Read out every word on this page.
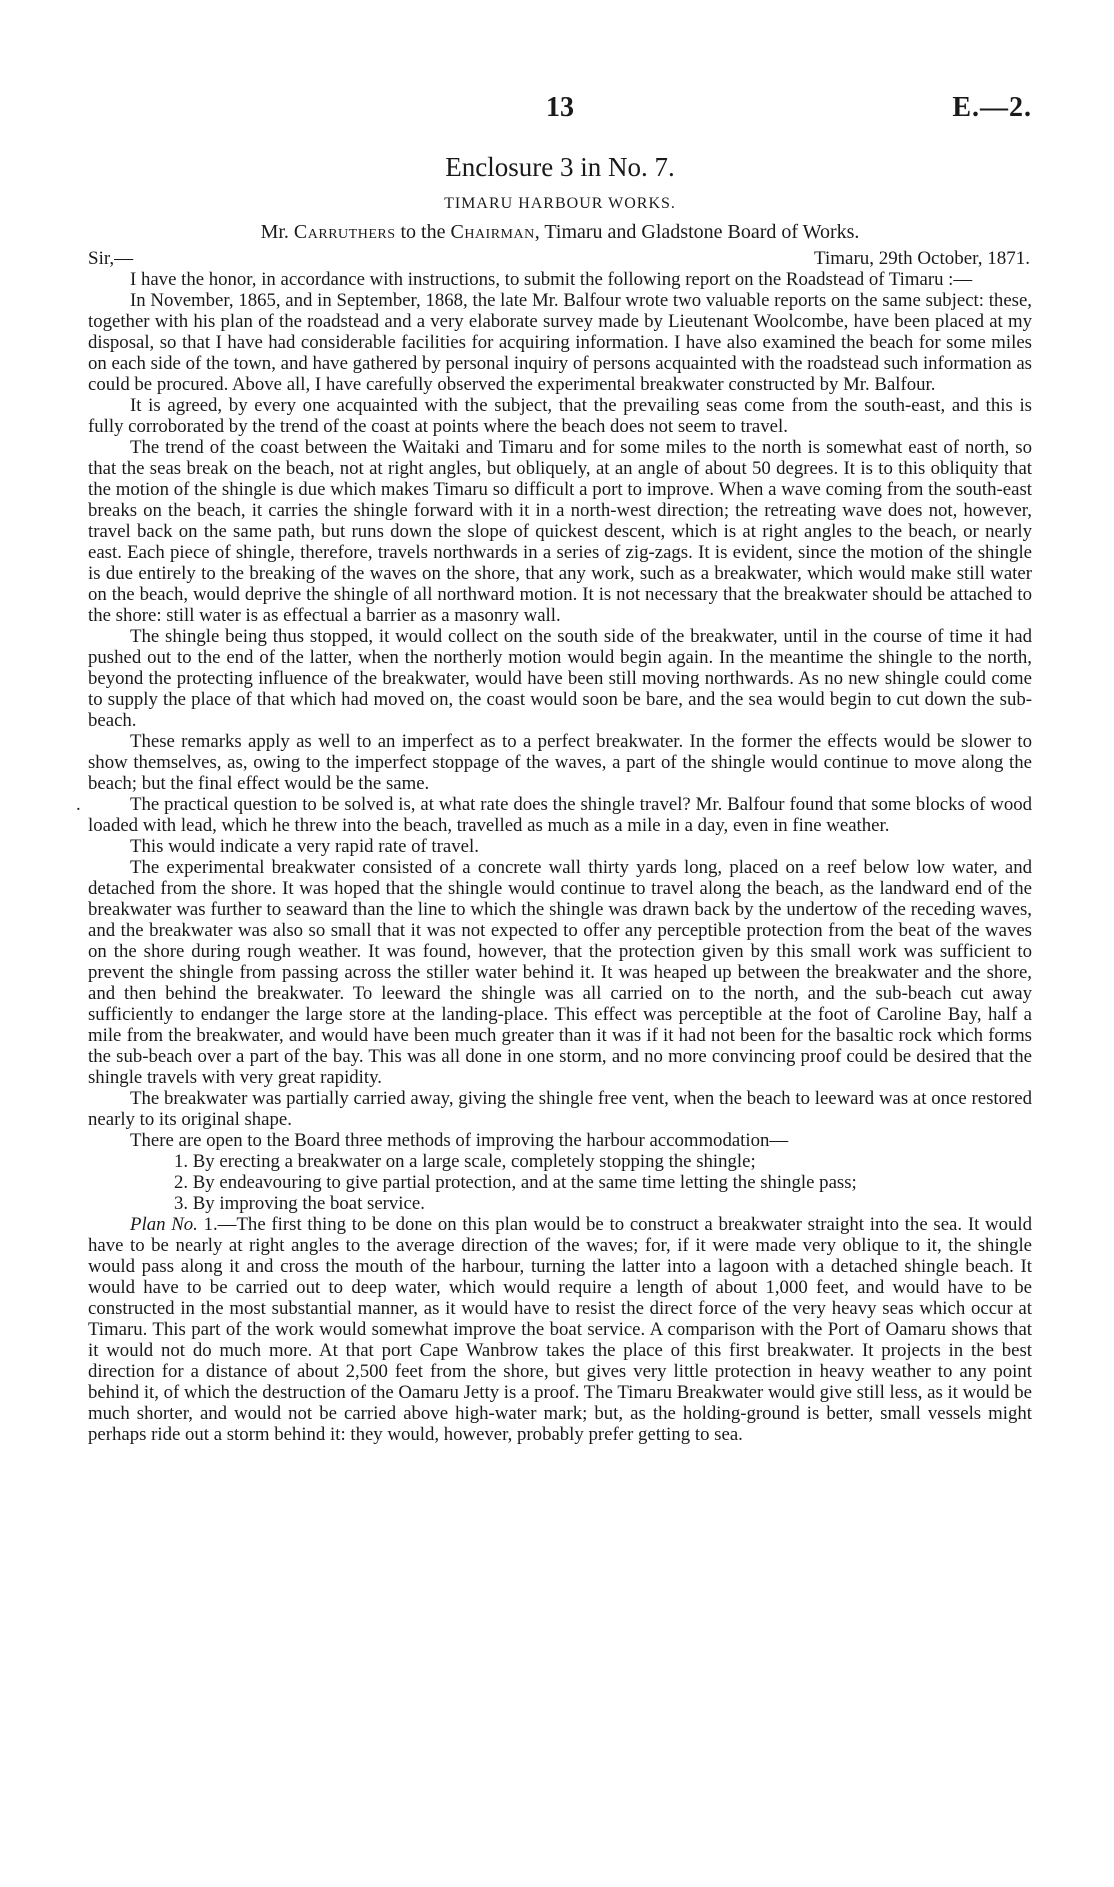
13	E.—2.
Enclosure 3 in No. 7.
TIMARU HARBOUR WORKS.
Mr. Carruthers to the Chairman, Timaru and Gladstone Board of Works.
Sir,—	Timaru, 29th October, 1871.

I have the honor, in accordance with instructions, to submit the following report on the Roadstead of Timaru :—

In November, 1865, and in September, 1868, the late Mr. Balfour wrote two valuable reports on the same subject: these, together with his plan of the roadstead and a very elaborate survey made by Lieutenant Woolcombe, have been placed at my disposal, so that I have had considerable facilities for acquiring information. I have also examined the beach for some miles on each side of the town, and have gathered by personal inquiry of persons acquainted with the roadstead such information as could be procured. Above all, I have carefully observed the experimental breakwater constructed by Mr. Balfour.

It is agreed, by every one acquainted with the subject, that the prevailing seas come from the south-east, and this is fully corroborated by the trend of the coast at points where the beach does not seem to travel.

The trend of the coast between the Waitaki and Timaru and for some miles to the north is somewhat east of north, so that the seas break on the beach, not at right angles, but obliquely, at an angle of about 50 degrees. It is to this obliquity that the motion of the shingle is due which makes Timaru so difficult a port to improve. When a wave coming from the south-east breaks on the beach, it carries the shingle forward with it in a north-west direction; the retreating wave does not, however, travel back on the same path, but runs down the slope of quickest descent, which is at right angles to the beach, or nearly east. Each piece of shingle, therefore, travels northwards in a series of zig-zags. It is evident, since the motion of the shingle is due entirely to the breaking of the waves on the shore, that any work, such as a breakwater, which would make still water on the beach, would deprive the shingle of all northward motion. It is not necessary that the breakwater should be attached to the shore: still water is as effectual a barrier as a masonry wall.

The shingle being thus stopped, it would collect on the south side of the breakwater, until in the course of time it had pushed out to the end of the latter, when the northerly motion would begin again. In the meantime the shingle to the north, beyond the protecting influence of the breakwater, would have been still moving northwards. As no new shingle could come to supply the place of that which had moved on, the coast would soon be bare, and the sea would begin to cut down the sub-beach.

These remarks apply as well to an imperfect as to a perfect breakwater. In the former the effects would be slower to show themselves, as, owing to the imperfect stoppage of the waves, a part of the shingle would continue to move along the beach; but the final effect would be the same.

.	The practical question to be solved is, at what rate does the shingle travel? Mr. Balfour found that some blocks of wood loaded with lead, which he threw into the beach, travelled as much as a mile in a day, even in fine weather.

This would indicate a very rapid rate of travel.

The experimental breakwater consisted of a concrete wall thirty yards long, placed on a reef below low water, and detached from the shore. It was hoped that the shingle would continue to travel along the beach, as the landward end of the breakwater was further to seaward than the line to which the shingle was drawn back by the undertow of the receding waves, and the breakwater was also so small that it was not expected to offer any perceptible protection from the beat of the waves on the shore during rough weather. It was found, however, that the protection given by this small work was sufficient to prevent the shingle from passing across the stiller water behind it. It was heaped up between the breakwater and the shore, and then behind the breakwater. To leeward the shingle was all carried on to the north, and the sub-beach cut away sufficiently to endanger the large store at the landing-place. This effect was perceptible at the foot of Caroline Bay, half a mile from the breakwater, and would have been much greater than it was if it had not been for the basaltic rock which forms the sub-beach over a part of the bay. This was all done in one storm, and no more convincing proof could be desired that the shingle travels with very great rapidity.

The breakwater was partially carried away, giving the shingle free vent, when the beach to leeward was at once restored nearly to its original shape.

There are open to the Board three methods of improving the harbour accommodation—

1. By erecting a breakwater on a large scale, completely stopping the shingle;
2. By endeavouring to give partial protection, and at the same time letting the shingle pass;
3. By improving the boat service.

Plan No. 1.—The first thing to be done on this plan would be to construct a breakwater straight into the sea. It would have to be nearly at right angles to the average direction of the waves; for, if it were made very oblique to it, the shingle would pass along it and cross the mouth of the harbour, turning the latter into a lagoon with a detached shingle beach. It would have to be carried out to deep water, which would require a length of about 1,000 feet, and would have to be constructed in the most substantial manner, as it would have to resist the direct force of the very heavy seas which occur at Timaru. This part of the work would somewhat improve the boat service. A comparison with the Port of Oamaru shows that it would not do much more. At that port Cape Wanbrow takes the place of this first breakwater. It projects in the best direction for a distance of about 2,500 feet from the shore, but gives very little protection in heavy weather to any point behind it, of which the destruction of the Oamaru Jetty is a proof. The Timaru Breakwater would give still less, as it would be much shorter, and would not be carried above high-water mark; but, as the holding-ground is better, small vessels might perhaps ride out a storm behind it: they would, however, probably prefer getting to sea.
